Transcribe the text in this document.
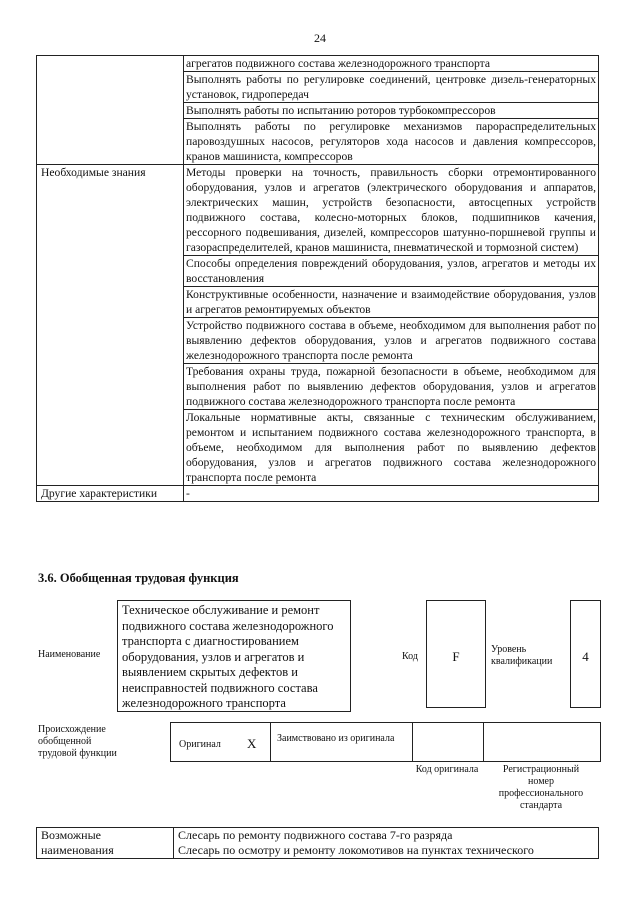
24
	агрегатов подвижного состава железнодорожного транспорта
	Выполнять работы по регулировке соединений, центровке дизель-генераторных установок, гидропередач
	Выполнять работы по испытанию роторов турбокомпрессоров
	Выполнять работы по регулировке механизмов парораспределительных паровоздушных насосов, регуляторов хода насосов и давления компрессоров, кранов машиниста, компрессоров
Необходимые знания	Методы проверки на точность, правильность сборки отремонтированного оборудования, узлов и агрегатов (электрического оборудования и аппаратов, электрических машин, устройств безопасности, автосцепных устройств подвижного состава, колесно-моторных блоков, подшипников качения, рессорного подвешивания, дизелей, компрессоров шатунно-поршневой группы и газораспределителей, кранов машиниста, пневматической и тормозной систем)
	Способы определения повреждений оборудования, узлов, агрегатов и методы их восстановления
	Конструктивные особенности, назначение и взаимодействие оборудования, узлов и агрегатов ремонтируемых объектов
	Устройство подвижного состава в объеме, необходимом для выполнения работ по выявлению дефектов оборудования, узлов и агрегатов подвижного состава железнодорожного транспорта после ремонта
	Требования охраны труда, пожарной безопасности в объеме, необходимом для выполнения работ по выявлению дефектов оборудования, узлов и агрегатов подвижного состава железнодорожного транспорта после ремонта
	Локальные нормативные акты, связанные с техническим обслуживанием, ремонтом и испытанием подвижного состава железнодорожного транспорта, в объеме, необходимом для выполнения работ по выявлению дефектов оборудования, узлов и агрегатов подвижного состава железнодорожного транспорта после ремонта
Другие характеристики	-
3.6. Обобщенная трудовая функция
Наименование
Техническое обслуживание и ремонт подвижного состава железнодорожного транспорта с диагностированием оборудования, узлов и агрегатов и выявлением скрытых дефектов и неисправностей подвижного состава железнодорожного транспорта
Код	F	Уровень квалификации	4
Происхождение обобщенной трудовой функции
Оригинал X Заимствовано из оригинала
Код оригинала	Регистрационный номер профессионального стандарта
Возможные наименования	
Слесарь по ремонту подвижного состава 7-го разряда
Слесарь по осмотру и ремонту локомотивов на пунктах технического
